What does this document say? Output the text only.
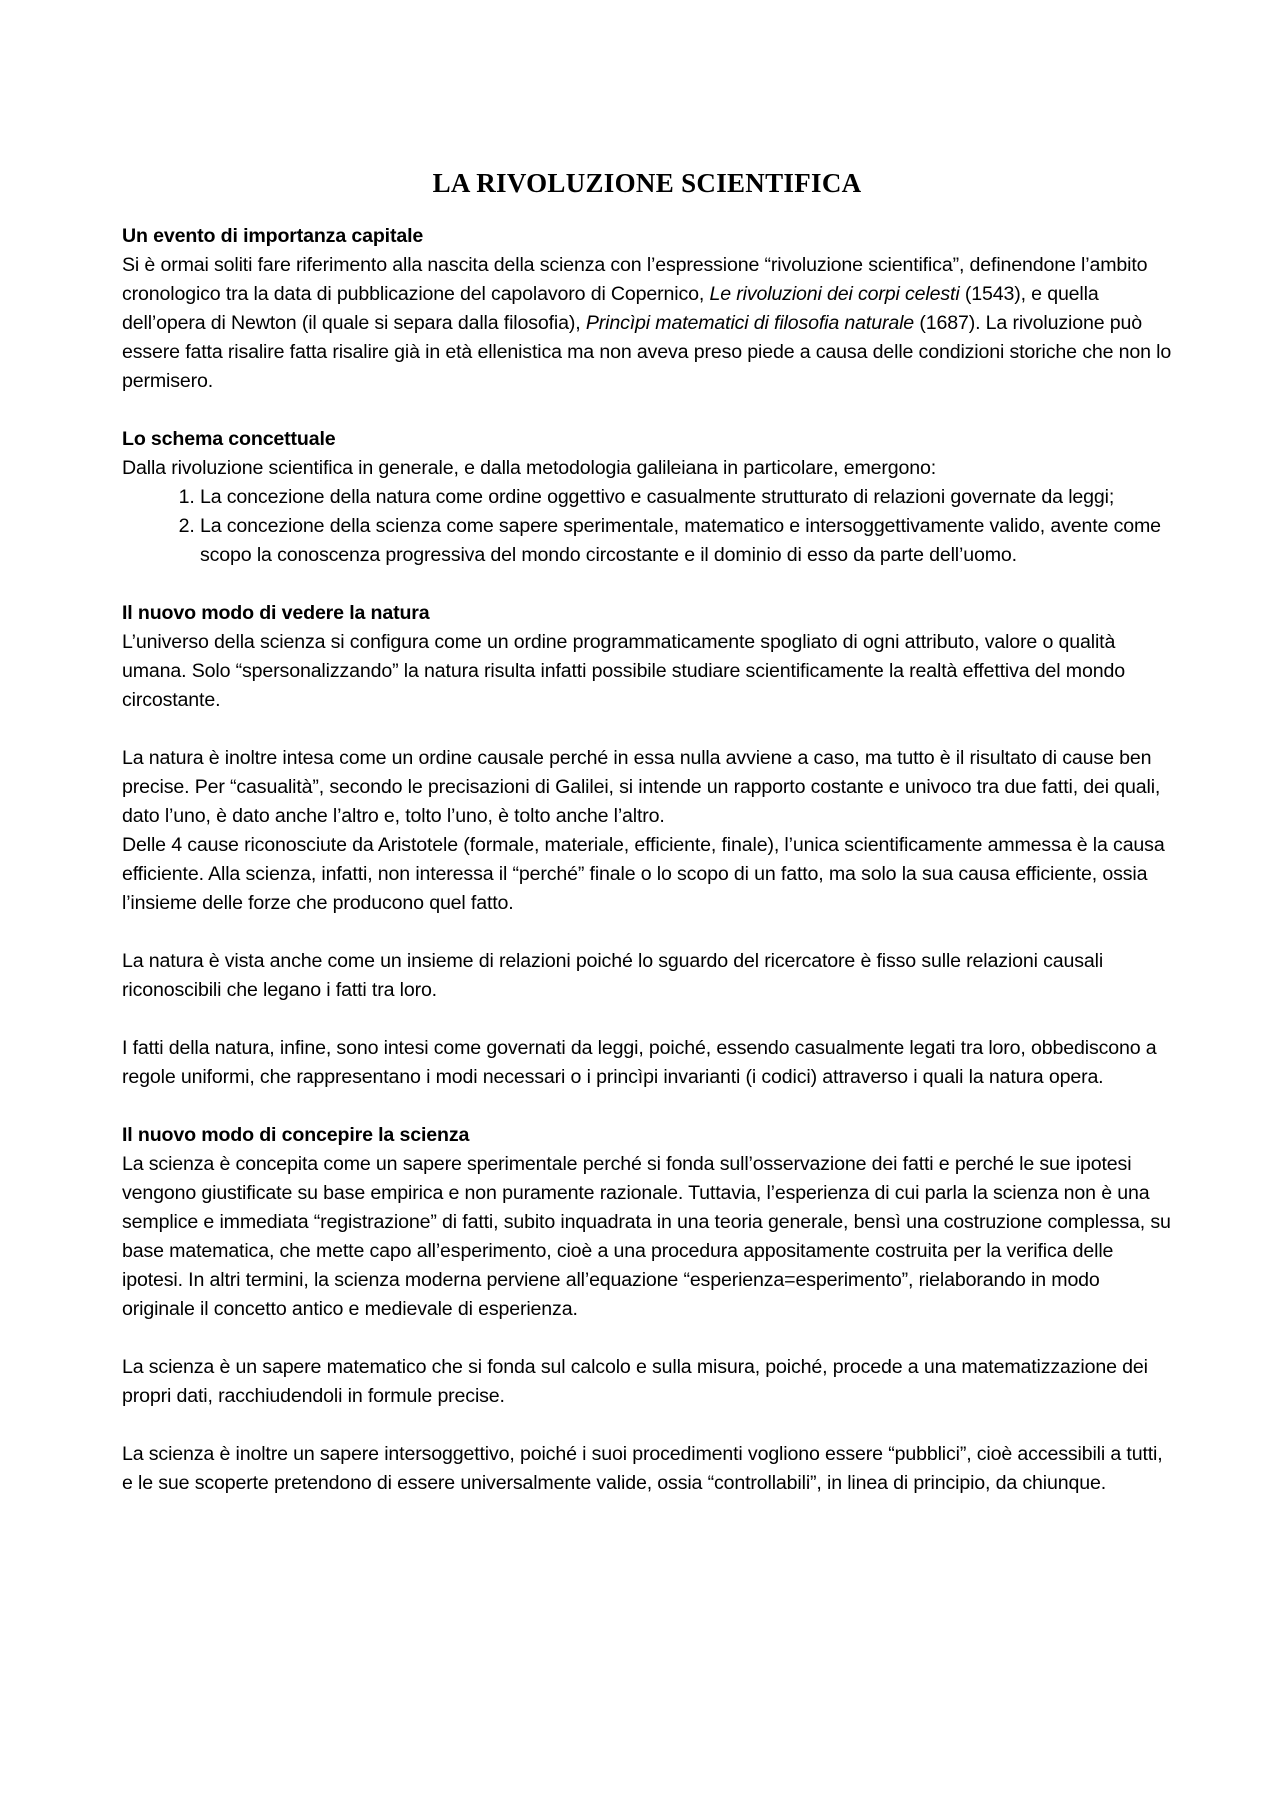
LA RIVOLUZIONE SCIENTIFICA
Un evento di importanza capitale

Si è ormai soliti fare riferimento alla nascita della scienza con l’espressione “rivoluzione scientifica”, definendone l’ambito cronologico tra la data di pubblicazione del capolavoro di Copernico, Le rivoluzioni dei corpi celesti (1543), e quella dell’opera di Newton (il quale si separa dalla filosofia), Princìpi matematici di filosofia naturale (1687). La rivoluzione può essere fatta risalire fatta risalire già in età ellenistica ma non aveva preso piede a causa delle condizioni storiche che non lo permisero.

Lo schema concettuale

Dalla rivoluzione scientifica in generale, e dalla metodologia galileiana in particolare, emergono:

1. La concezione della natura come ordine oggettivo e casualmente strutturato di relazioni governate da leggi;
2. La concezione della scienza come sapere sperimentale, matematico e intersoggettivamente valido, avente come scopo la conoscenza progressiva del mondo circostante e il dominio di esso da parte dell’uomo.
Il nuovo modo di vedere la natura

L’universo della scienza si configura come un ordine programmaticamente spogliato di ogni attributo, valore o qualità umana. Solo “spersonalizzando” la natura risulta infatti possibile studiare scientificamente la realtà effettiva del mondo circostante.

La natura è inoltre intesa come un ordine causale perché in essa nulla avviene a caso, ma tutto è il risultato di cause ben precise. Per “casualità”, secondo le precisazioni di Galilei, si intende un rapporto costante e univoco tra due fatti, dei quali, dato l’uno, è dato anche l’altro e, tolto l’uno, è tolto anche l’altro.

Delle 4 cause riconosciute da Aristotele (formale, materiale, efficiente, finale), l’unica scientificamente ammessa è la causa efficiente. Alla scienza, infatti, non interessa il “perché” finale o lo scopo di un fatto, ma solo la sua causa efficiente, ossia l’insieme delle forze che producono quel fatto.

La natura è vista anche come un insieme di relazioni poiché lo sguardo del ricercatore è fisso sulle relazioni causali riconoscibili che legano i fatti tra loro.

I fatti della natura, infine, sono intesi come governati da leggi, poiché, essendo casualmente legati tra loro, obbediscono a regole uniformi, che rappresentano i modi necessari o i princìpi invarianti (i codici) attraverso i quali la natura opera.

Il nuovo modo di concepire la scienza

La scienza è concepita come un sapere sperimentale perché si fonda sull’osservazione dei fatti e perché le sue ipotesi vengono giustificate su base empirica e non puramente razionale. Tuttavia, l’esperienza di cui parla la scienza non è una semplice e immediata “registrazione” di fatti, subito inquadrata in una teoria generale, bensì una costruzione complessa, su base matematica, che mette capo all’esperimento, cioè a una procedura appositamente costruita per la verifica delle ipotesi. In altri termini, la scienza moderna perviene all’equazione “esperienza=esperimento”, rielaborando in modo originale il concetto antico e medievale di esperienza.

La scienza è un sapere matematico che si fonda sul calcolo e sulla misura, poiché, procede a una matematizzazione dei propri dati, racchiudendoli in formule precise.

La scienza è inoltre un sapere intersoggettivo, poiché i suoi procedimenti vogliono essere “pubblici”, cioè accessibili a tutti, e le sue scoperte pretendono di essere universalmente valide, ossia “controllabili”, in linea di principio, da chiunque.
